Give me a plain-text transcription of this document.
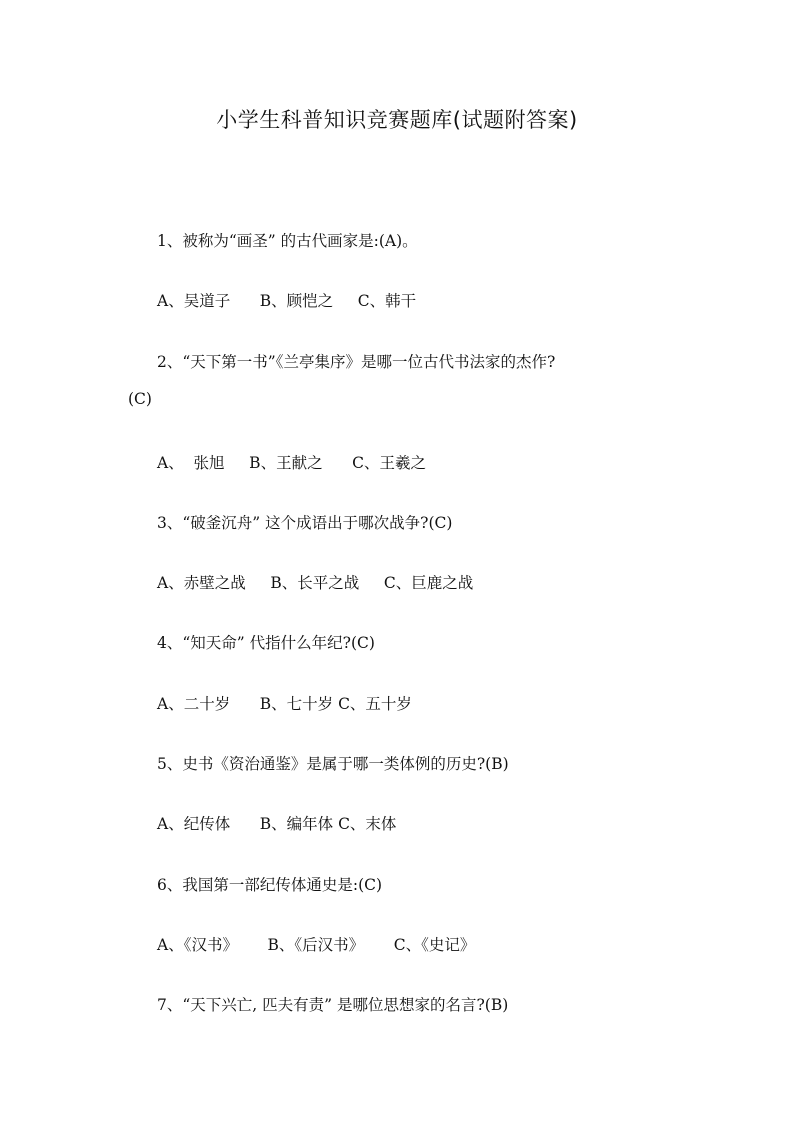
小学生科普知识竞赛题库(试题附答案)
1、被称为“画圣” 的古代画家是:(A)。
A、吴道子      B、顾恺之     C、韩干
2、“天下第一书”《兰亭集序》是哪一位古代书法家的杰作?
(C)
A、  张旭     B、王献之      C、王羲之
3、“破釜沉舟” 这个成语出于哪次战争?(C)
A、赤壁之战     B、长平之战     C、巨鹿之战
4、“知天命” 代指什么年纪?(C)
A、二十岁      B、七十岁 C、五十岁
5、史书《资治通鉴》是属于哪一类体例的历史?(B)
A、纪传体      B、编年体 C、末体
6、我国第一部纪传体通史是:(C)
A、《汉书》      B、《后汉书》      C、《史记》
7、“天下兴亡, 匹夫有责” 是哪位思想家的名言?(B)
